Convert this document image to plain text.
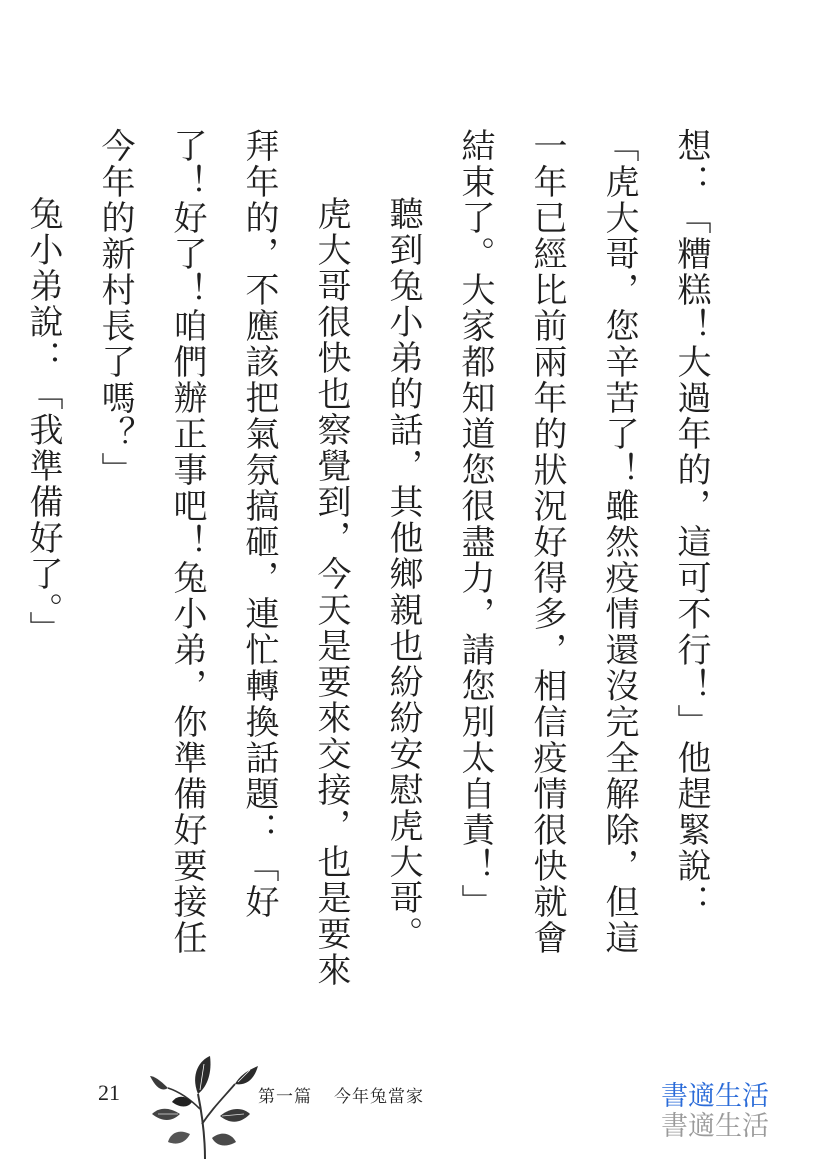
想：「糟糕！大過年的，這可不行！」他趕緊說：「虎大哥，您辛苦了！雖然疫情還沒完全解除，但這一年已經比前兩年的狀況好得多，相信疫情很快就會結束了。大家都知道您很盡力，請您別太自責！」

聽到兔小弟的話，其他鄉親也紛紛安慰虎大哥。

虎大哥很快也察覺到，今天是要來交接，也是要來拜年的，不應該把氣氛搞砸，連忙轉換話題：「好了！好了！咱們辦正事吧！兔小弟，你準備好要接任今年的新村長了嗎？」

兔小弟說：「我準備好了。」

21	第一篇 今年兔當家	書適生活
書適生活
